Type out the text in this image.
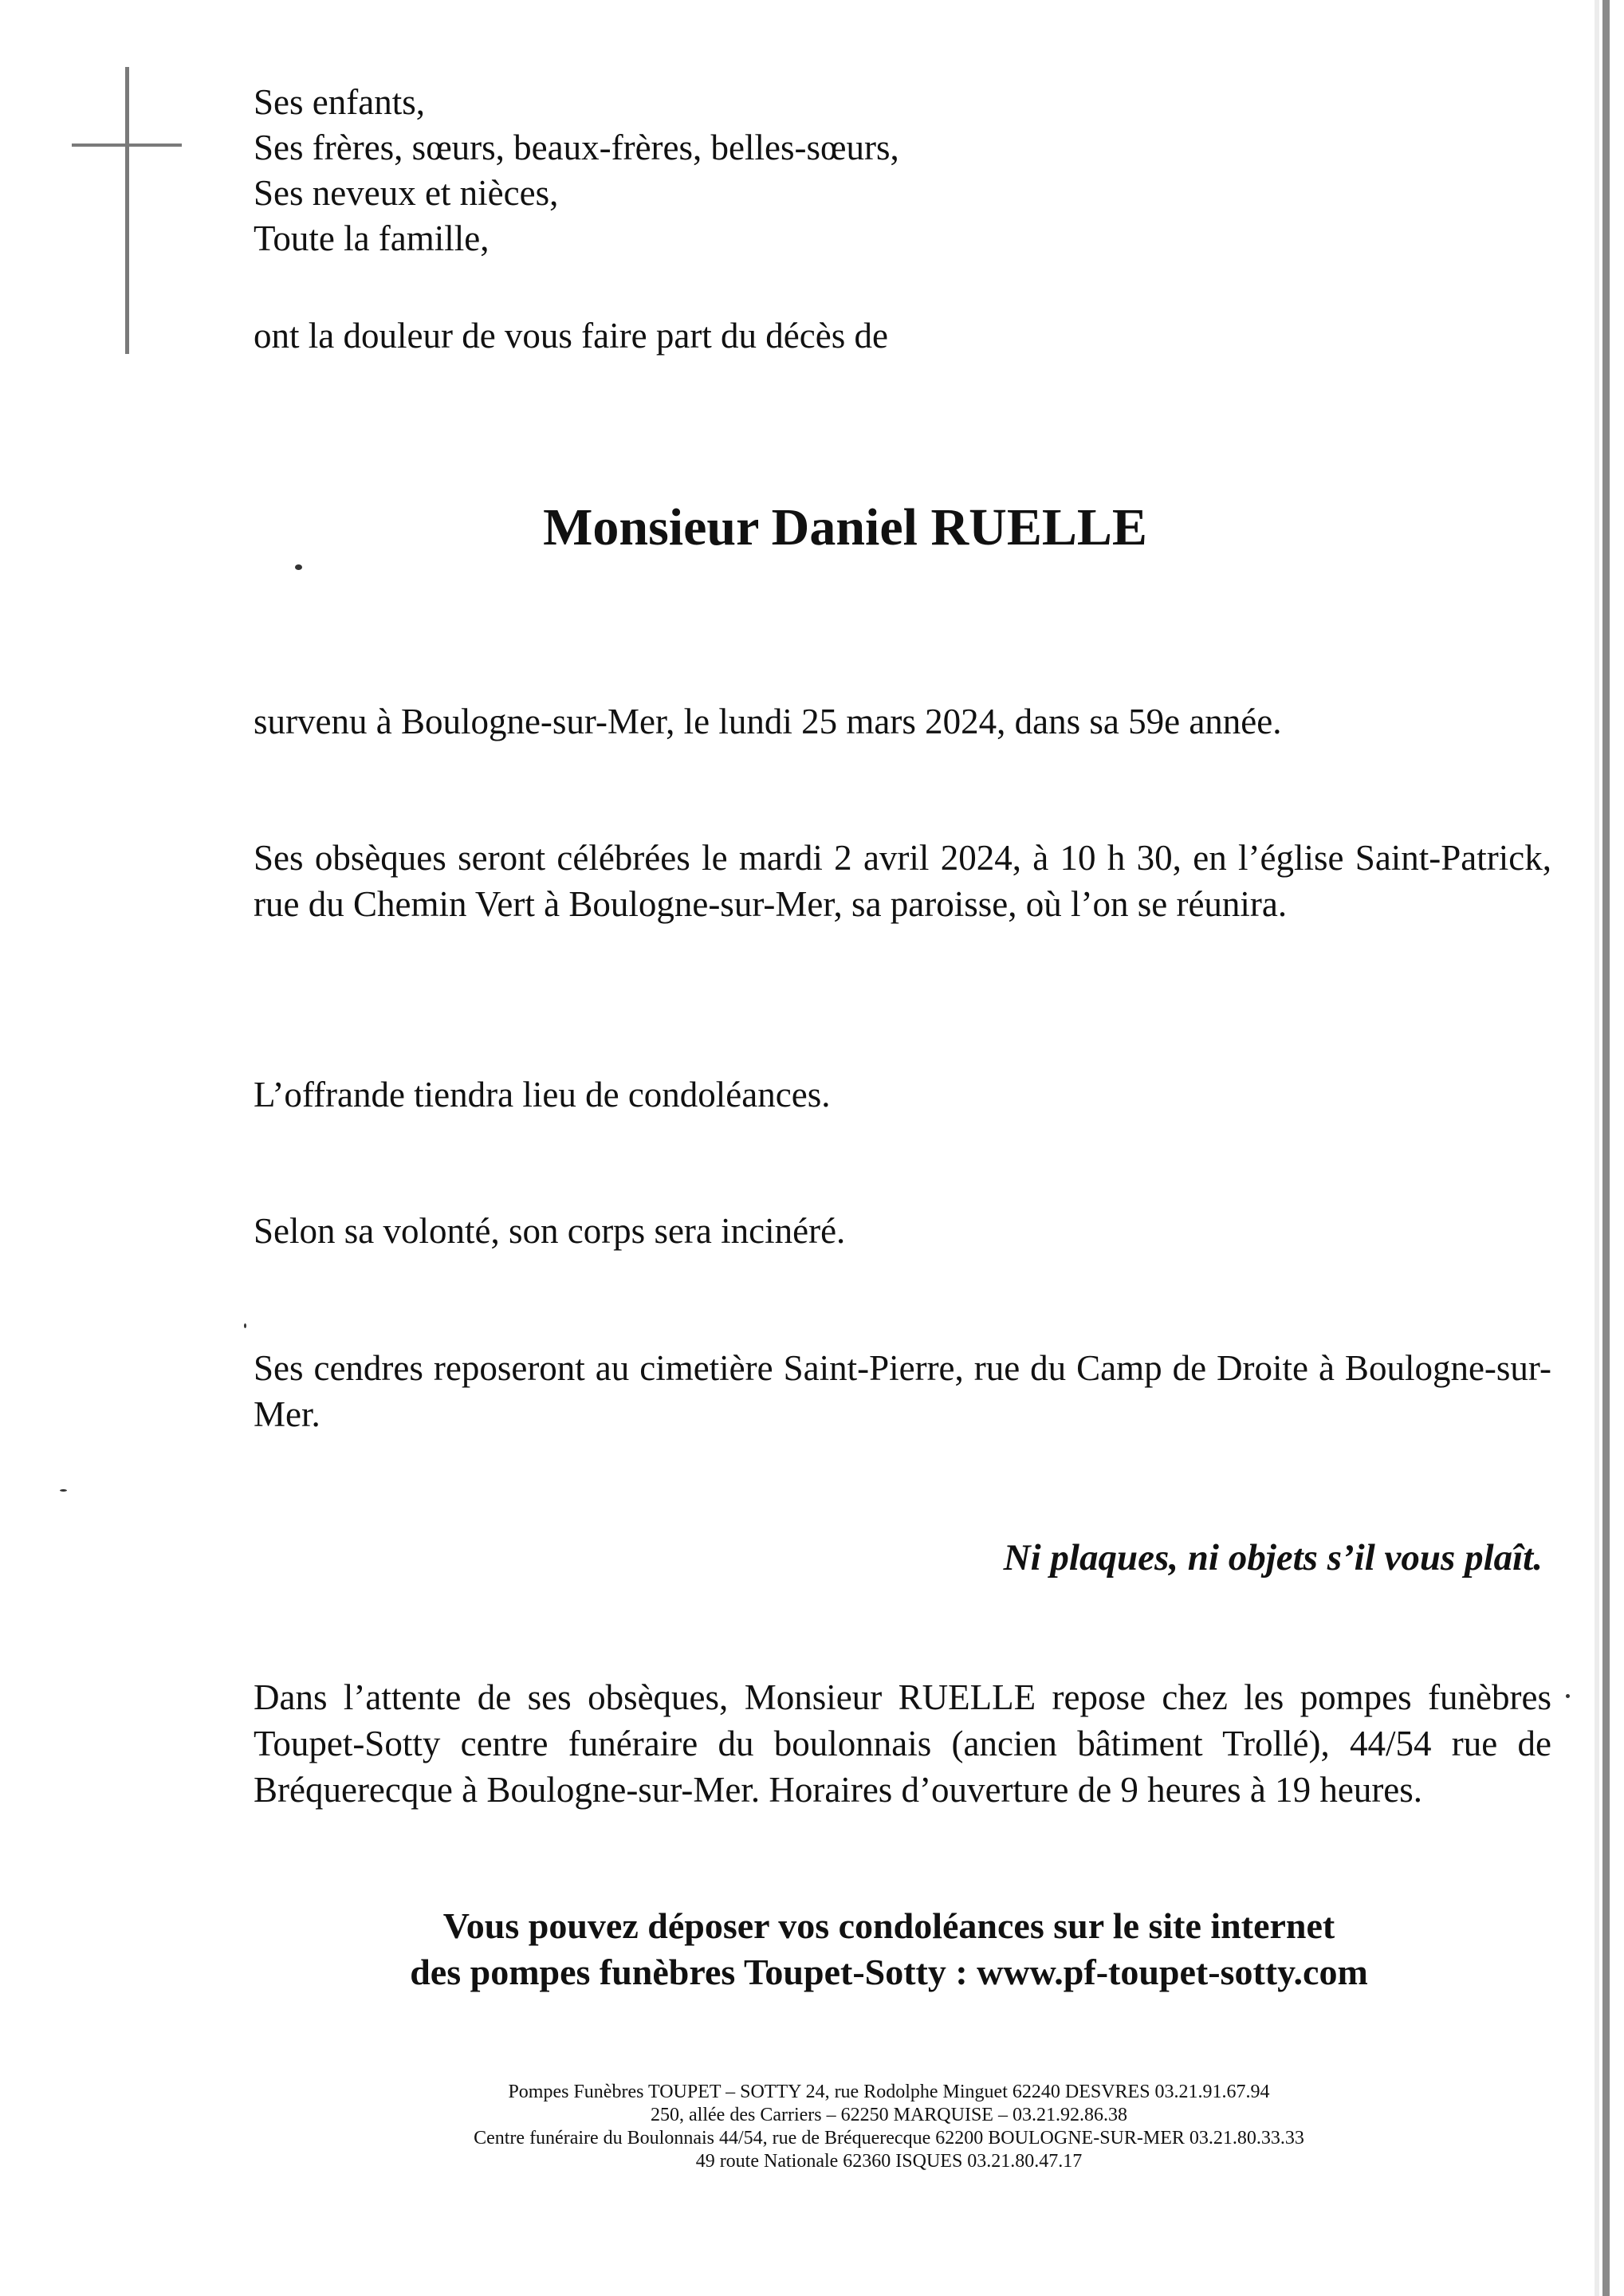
Ses enfants,
Ses frères, sœurs, beaux-frères, belles-sœurs,
Ses neveux et nièces,
Toute la famille,
ont la douleur de vous faire part du décès de
Monsieur Daniel RUELLE
survenu à Boulogne-sur-Mer, le lundi 25 mars 2024, dans sa 59e année.
Ses obsèques seront célébrées le mardi 2 avril 2024, à 10 h 30, en l’église Saint-Patrick, rue du Chemin Vert à Boulogne-sur-Mer, sa paroisse, où l’on se réunira.
L’offrande tiendra lieu de condoléances.
Selon sa volonté, son corps sera incinéré.
Ses cendres reposeront au cimetière Saint-Pierre, rue du Camp de Droite à Boulogne-sur-Mer.
Ni plaques, ni objets s’il vous plaît.
Dans l’attente de ses obsèques, Monsieur RUELLE repose chez les pompes funèbres Toupet-Sotty centre funéraire du boulonnais (ancien bâtiment Trollé), 44/54 rue de Bréquerecque à Boulogne-sur-Mer. Horaires d’ouverture de 9 heures à 19 heures.
Vous pouvez déposer vos condoléances sur le site internet
des pompes funèbres Toupet-Sotty : www.pf-toupet-sotty.com
Pompes Funèbres TOUPET – SOTTY 24, rue Rodolphe Minguet 62240 DESVRES 03.21.91.67.94
250, allée des Carriers – 62250 MARQUISE – 03.21.92.86.38
Centre funéraire du Boulonnais 44/54, rue de Bréquerecque 62200 BOULOGNE-SUR-MER 03.21.80.33.33
49 route Nationale 62360 ISQUES 03.21.80.47.17
